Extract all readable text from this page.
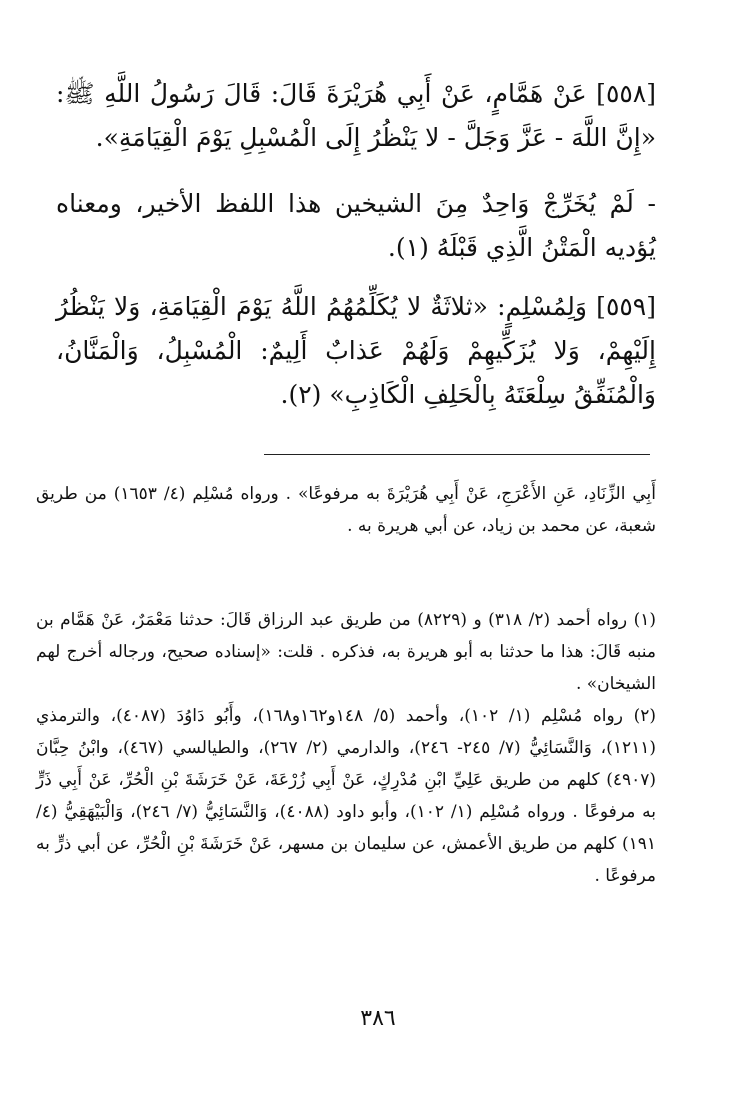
[٥٥٨] عَنْ هَمَّامٍ، عَنْ أَبِي هُرَيْرَةَ قَالَ: قَالَ رَسُولُ اللَّهِ ﷺ: «إِنَّ اللَّهَ - عَزَّ وَجَلَّ - لا يَنْظُرُ إِلَى الْمُسْبِلِ يَوْمَ الْقِيَامَةِ».

- لَمْ يُخَرِّجْ وَاحِدٌ مِنَ الشيخين هذا اللفظ الأخير، ومعناه يُؤديه الْمَتْنُ الَّذِي قَبْلَهُ (١).

[٥٥٩] وَلِمُسْلِمٍ: «ثلاثَةٌ لا يُكَلِّمُهُمُ اللَّهُ يَوْمَ الْقِيَامَةِ، وَلا يَنْظُرُ إِلَيْهِمْ، وَلا يُزَكِّيهِمْ وَلَهُمْ عَذابٌ أَلِيمٌ: الْمُسْبِلُ، وَالْمَنَّانُ، وَالْمُنَفِّقُ سِلْعَتَهُ بِالْحَلِفِ الْكَاذِبِ» (٢).

أَبِي الزِّنَادِ، عَنِ الأَعْرَجِ، عَنْ أَبِي هُرَيْرَةَ به مرفوعًا» . ورواه مُسْلِم (٤/ ١٦٥٣) من طريق شعبة، عن محمد بن زياد، عن أبي هريرة به .

(١) رواه أحمد (٢/ ٣١٨) و (٨٢٢٩) من طريق عبد الرزاق قَالَ: حدثنا مَعْمَرٌ، عَنْ هَمَّام بن منبه قَالَ: هذا ما حدثنا به أبو هريرة به، فذكره . قلت: «إسناده صحيح، ورجاله أخرج لهم الشيخان» .

(٢) رواه مُسْلِم (١/ ١٠٢)، وأحمد (٥/ ١٤٨و١٦٢و١٦٨)، وأَبُو دَاوُدَ (٤٠٨٧)، والترمذي (١٢١١)، وَالنَّسَائِيُّ (٧/ ٢٤٥- ٢٤٦)، والدارمي (٢/ ٢٦٧)، والطيالسي (٤٦٧)، وابْنُ حِبَّانَ (٤٩٠٧) كلهم من طريق عَلِيِّ ابْنِ مُدْرِكٍ، عَنْ أَبِي زُرْعَةَ، عَنْ خَرَشَةَ بْنِ الْحُرِّ، عَنْ أَبِي ذَرٍّ به مرفوعًا . ورواه مُسْلِم (١/ ١٠٢)، وأبو داود (٤٠٨٨)، وَالنَّسَائِيُّ (٧/ ٢٤٦)، وَالْبَيْهَقِيُّ (٤/ ١٩١) كلهم من طريق الأعمش، عن سليمان بن مسهر، عَنْ خَرَشَةَ بْنِ الْحُرِّ، عن أبي ذرٍّ به مرفوعًا .

٣٨٦
